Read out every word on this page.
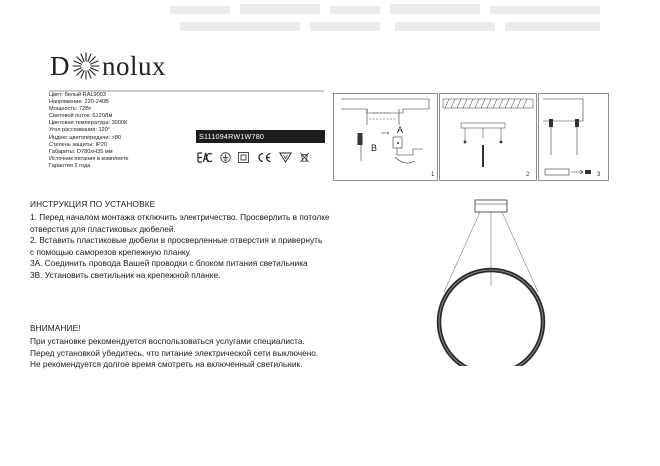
D nolux
Цвет: белый RAL9003
Напряжение: 220-240В
Мощность: 72Вт
Световой поток: 6120Лм
Цветовая температура: 3000К
Угол рассеивания: 120°
Индекс цветопередачи: >80
Степень защиты: IP20
Габариты: D780хН35 мм
Источник питания в комплекте
Гарантия 2 года
S111094RW1W780
B
A
1	2	3
ИНСТРУКЦИЯ ПО УСТАНОВКЕ
1. Перед началом монтажа отключить электричество. Просверлить в потолке
отверстия для пластиковых дюбелей.
2. Вставить пластиковые дюбели в просверленные отверстия и привернуть
с помощью саморезов крепежную планку.
3A. Соединить провода Вашей проводки с блоком питания светильника
3B. Установить светильник на крепежной планке.
ВНИМАНИЕ!
При установке рекомендуется воспользоваться услугами специалиста.
Перед установкой убедитесь, что питание электрической сети выключено.
Не рекомендуется долгое время смотреть на включенный светильник.
